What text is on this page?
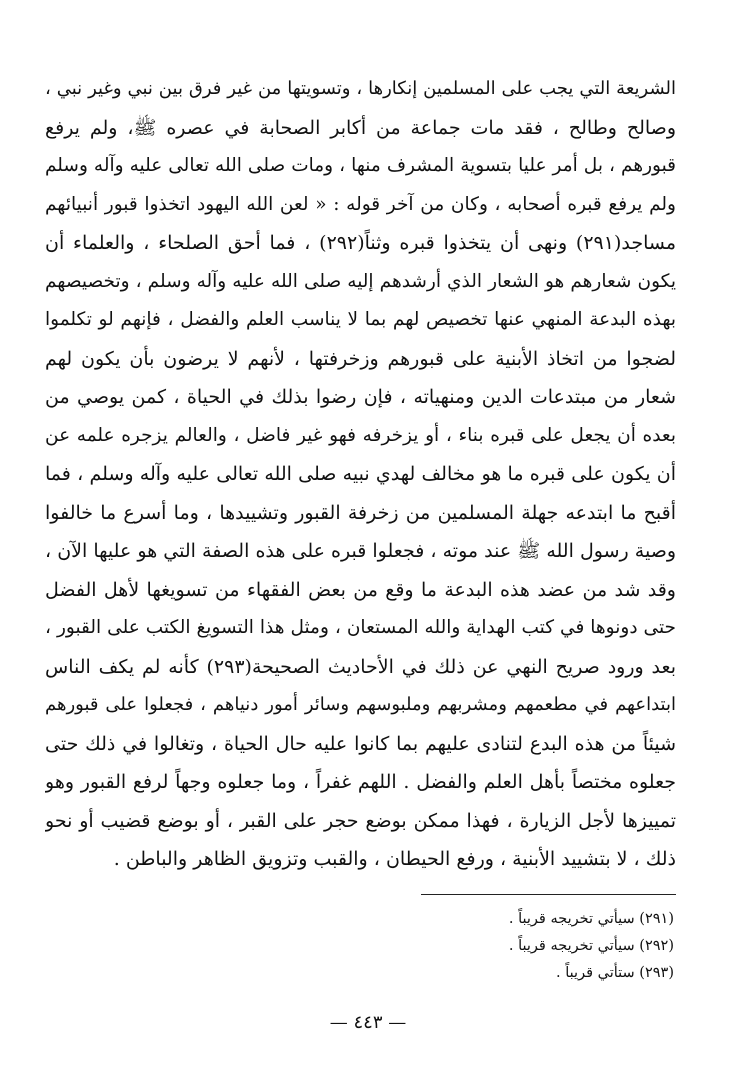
الشريعة التي يجب على المسلمين إنكارها ، وتسويتها من غير فرق بين نبي وغير نبي ،
وصالح وطالح ، فقد مات جماعة من أكابر الصحابة في عصره ﷺ، ولم يرفع
قبورهم ، بل أمر عليا بتسوية المشرف منها ، ومات صلى الله تعالى عليه وآله وسلم
ولم يرفع قبره أصحابه ، وكان من آخر قوله : « لعن الله اليهود اتخذوا قبور أنبيائهم
مساجد(٢٩١) ونهى أن يتخذوا قبره وثناً(٢٩٢) ، فما أحق الصلحاء ، والعلماء أن
يكون شعارهم هو الشعار الذي أرشدهم إليه صلى الله عليه وآله وسلم ، وتخصيصهم
بهذه البدعة المنهي عنها تخصيص لهم بما لا يناسب العلم والفضل ، فإنهم لو تكلموا
لضجوا من اتخاذ الأبنية على قبورهم وزخرفتها ، لأنهم لا يرضون بأن يكون لهم
شعار من مبتدعات الدين ومنهياته ، فإن رضوا بذلك في الحياة ، كمن يوصي من
بعده أن يجعل على قبره بناء ، أو يزخرفه فهو غير فاضل ، والعالم يزجره علمه عن
أن يكون على قبره ما هو مخالف لهدي نبيه صلى الله تعالى عليه وآله وسلم ، فما
أقبح ما ابتدعه جهلة المسلمين من زخرفة القبور وتشييدها ، وما أسرع ما خالفوا
وصية رسول الله ﷺ عند موته ، فجعلوا قبره على هذه الصفة التي هو عليها الآن ،
وقد شد من عضد هذه البدعة ما وقع من بعض الفقهاء من تسويغها لأهل الفضل
حتى دونوها في كتب الهداية والله المستعان ، ومثل هذا التسويغ الكتب على القبور ،
بعد ورود صريح النهي عن ذلك في الأحاديث الصحيحة(٢٩٣) كأنه لم يكف الناس
ابتداعهم في مطعمهم ومشربهم وملبوسهم وسائر أمور دنياهم ، فجعلوا على قبورهم
شيئاً من هذه البدع لتنادى عليهم بما كانوا عليه حال الحياة ، وتغالوا في ذلك حتى
جعلوه مختصاً بأهل العلم والفضل . اللهم غفراً ، وما جعلوه وجهاً لرفع القبور وهو
تمييزها لأجل الزيارة ، فهذا ممكن بوضع حجر على القبر ، أو بوضع قضيب أو نحو
ذلك ، لا بتشييد الأبنية ، ورفع الحيطان ، والقبب وتزويق الظاهر والباطن .
(٢٩١) سيأتي تخريجه قريباً .
(٢٩٢) سيأتي تخريجه قريباً .
(٢٩٣) ستأتي قريباً .
— ٤٤٣ —
